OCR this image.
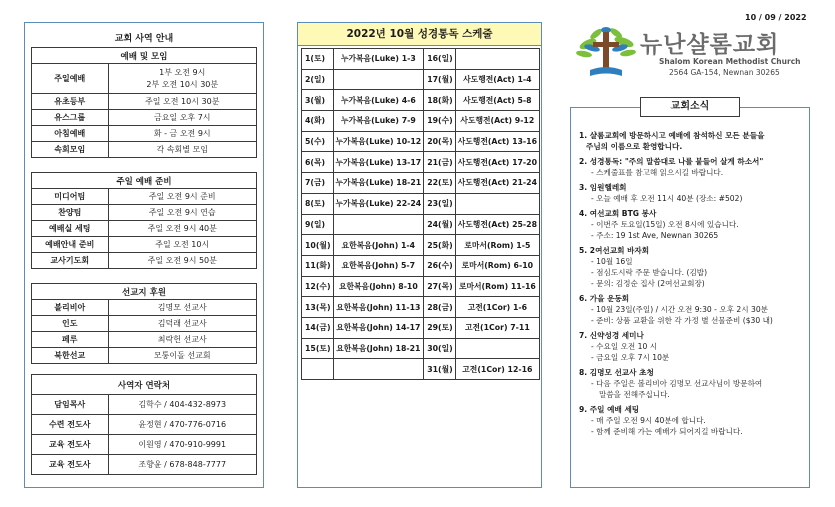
10 / 09 / 2022
교회 사역 안내
예배 및 모임	
주일예배	1부 오전 9시
2부 오전 10시 30분
유초등부	주일 오전 10시 30분
유스그룹	금요일 오후 7시
아침예배	화 - 금 오전 9시
속회모임	각 속회별 모임
주일 예배 준비	
미디어팀	주일 오전 9시 준비
찬양팀	주일 오전 9시 연습
예배실 세팅	주일 오전 9시 40분
예배안내 준비	주일 오전 10시
교사기도회	주일 오전 9시 50분
선교지 후원	
볼리비아	김명모 선교사
인도	김덕래 선교사
페루	최락헌 선교사
북한선교	모퉁이돌 선교회
사역자 연락처	
담임목사	김학수 / 404-432-8973
수련 전도사	윤정현 / 470-776-0716
교육 전도사	이원영 / 470-910-9991
교육 전도사	조향윤 / 678-848-7777
2022년 10월 성경통독 스케줄
1(토)	누가복음(Luke) 1-3	16(일)	
2(일)		17(월)	사도행전(Act) 1-4
3(월)	누가복음(Luke) 4-6	18(화)	사도행전(Act) 5-8
4(화)	누가복음(Luke) 7-9	19(수)	사도행전(Act) 9-12
5(수)	누가복음(Luke) 10-12	20(목)	사도행전(Act) 13-16
6(목)	누가복음(Luke) 13-17	21(금)	사도행전(Act) 17-20
7(금)	누가복음(Luke) 18-21	22(토)	사도행전(Act) 21-24
8(토)	누가복음(Luke) 22-24	23(일)	
9(일)		24(월)	사도행전(Act) 25-28
10(월)	요한복음(John) 1-4	25(화)	로마서(Rom) 1-5
11(화)	요한복음(John) 5-7	26(수)	로마서(Rom) 6-10
12(수)	요한복음(John) 8-10	27(목)	로마서(Rom) 11-16
13(목)	요한복음(John) 11-13	28(금)	고전(1Cor) 1-6
14(금)	요한복음(John) 14-17	29(토)	고전(1Cor) 7-11
15(토)	요한복음(John) 18-21	30(일)	
		31(월)	고전(1Cor) 12-16
뉴난샬롬교회
Shalom Korean Methodist Church
2564 GA-154, Newnan 30265
1. 샬롬교회에 방문하시고 예배에 참석하신 모든 분들을
주님의 이름으로 환영합니다.
2. 성경통독: "주의 말씀대로 나를 붙들어 살게 하소서"
- 스케줄표를 참고해 읽으시길 바랍니다.
3. 임원헬레회
- 오늘 예배 후 오전 11시 40분 (장소: #502)
4. 여선교회 BTG 봉사
- 이번주 토요일(15일) 오전 8시에 있습니다.
- 주소: 19 1st Ave, Newnan 30265
5. 2여선교회 바자회
- 10월 16일
- 점심도시락 주문 받습니다. (김밥)
- 문의: 김정순 집사 (2여선교회장)
6. 가을 운동회
- 10월 23일(주일) / 시간 오전 9:30 - 오후 2시 30분
- 준비: 상품 교환을 위한 각 가정 별 선물준비 ($30 내)
7. 신약성경 세미나
- 수요일 오전 10 시
- 금요일 오후 7시 10분
8. 김명모 선교사 초청
- 다음 주일은 볼리비아 김명모 선교사님이 방문하여
말씀을 전해주십니다.
9. 주일 예배 세팅
- 매 주일 오전 9시 40분에 합니다.
- 함께 준비해 가는 예배가 되어지길 바랍니다.
교회소식
